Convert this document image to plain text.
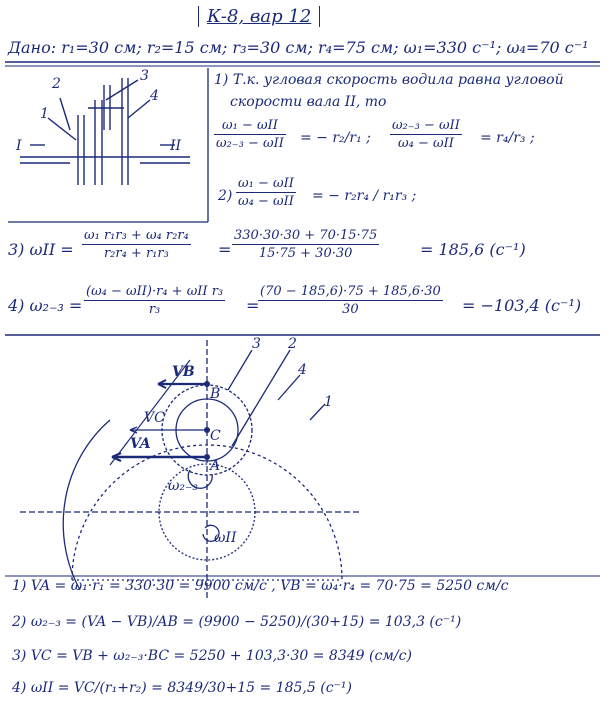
К-8, вар 12
Дано: r₁=30 см; r₂=15 см; r₃=30 см; r₄=75 см; ω₁=330 с⁻¹; ω₄=70 с⁻¹
2
1
3
4
I	II
1) Т.к. угловая скорость водила равна угловой
скорости вала II, то
ω₁ − ωII
ω₂₋₃ − ωII = − r₂/r₁ ;
ω₂₋₃ − ωII
ω₄ − ωII = r₄/r₃ ;
2)
ω₁ − ωII
ω₄ − ωII = − r₂r₄ / r₁r₃ ;
3) ωII =
ω₁ r₁r₃ + ω₄ r₂r₄
r₂r₄ + r₁r₃	=
330·30·30 + 70·15·75
15·75 + 30·30	= 185,6 (с⁻¹)
4) ω₂₋₃ =
(ω₄ − ωII)·r₄ + ωII r₃
r₃	=
(70 − 185,6)·75 + 185,6·30
30	= −103,4 (с⁻¹)
VB
VC
VA
B
C
A
ω₂₋₃
ωII
3 2
4
1
1) VA = ω₁·r₁ = 330·30 = 9900 см/с , VB = ω₄·r₄ = 70·75 = 5250 см/с
2) ω₂₋₃ = (VA − VB)/AB = (9900 − 5250)/(30+15) = 103,3 (с⁻¹)
3) VC = VB + ω₂₋₃·BC = 5250 + 103,3·30 = 8349 (см/с)
4) ωII = VC/(r₁+r₂) = 8349/30+15 = 185,5 (с⁻¹)
